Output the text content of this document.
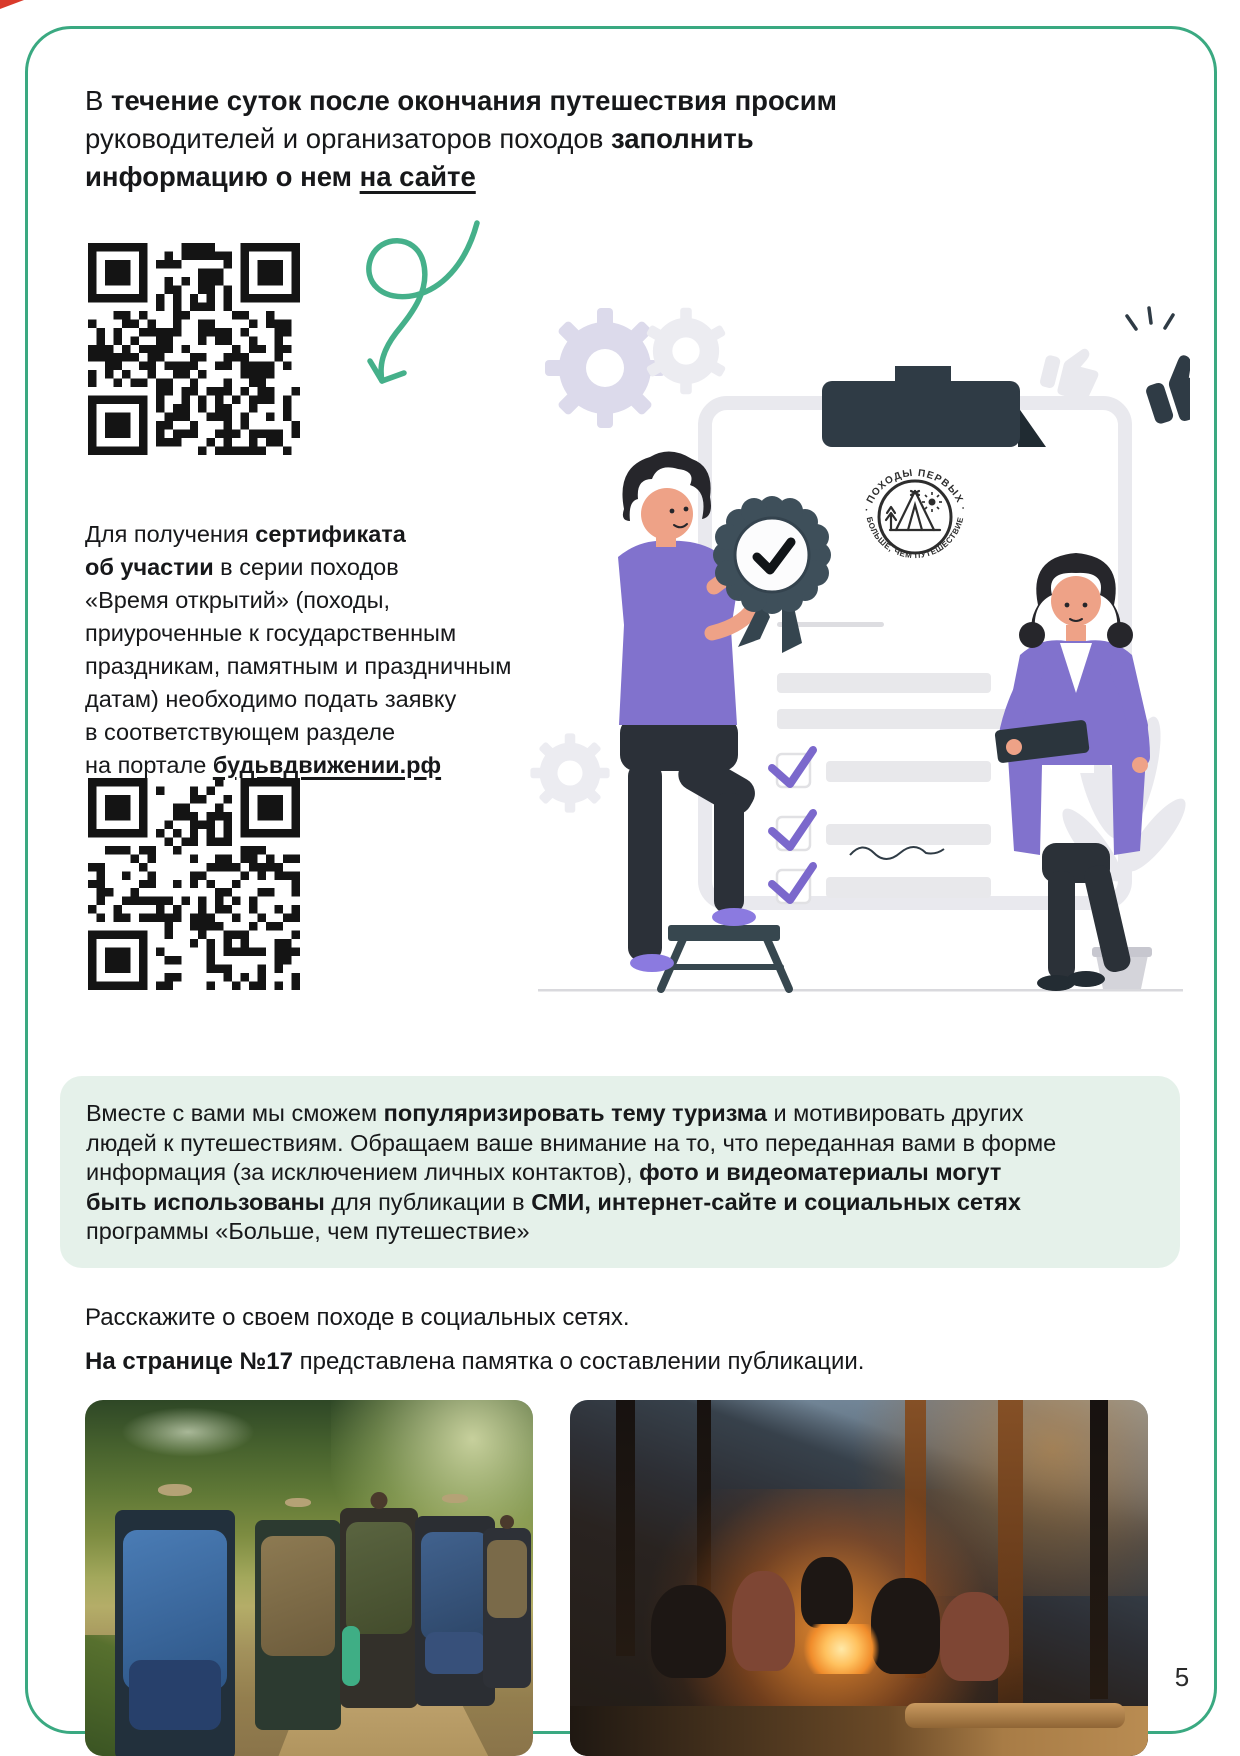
В течение суток после окончания путешествия просим
руководителей и организаторов походов заполнить
информацию о нем на сайте
Для получения сертификата
об участии в серии походов
«Время открытий» (походы,
приуроченные к государственным
праздникам, памятным и праздничным
датам) необходимо подать заявку
в соответствующем разделе
на портале будьвдвижении.рф
· ПОХОДЫ ПЕРВЫХ ·
БОЛЬШЕ, ЧЕМ ПУТЕШЕСТВИЕ
Вместе с вами мы сможем популяризировать тему туризма и мотивировать других
людей к путешествиям. Обращаем ваше внимание на то, что переданная вами в форме
информация (за исключением личных контактов), фото и видеоматериалы могут
быть использованы для публикации в СМИ, интернет-сайте и социальных сетях
программы «Больше, чем путешествие»
Расскажите о своем походе в социальных сетях.
На странице №17 представлена памятка о составлении публикации.
5
